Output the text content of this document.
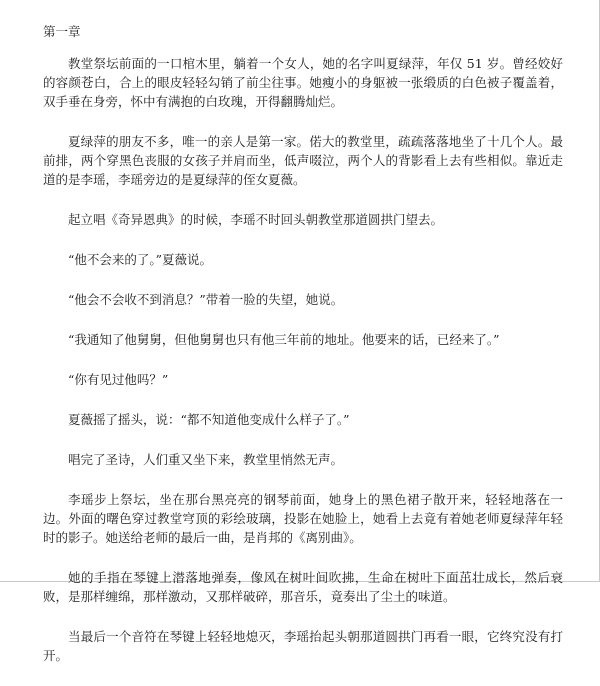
第一章

教堂祭坛前面的一口棺木里，躺着一个女人，她的名字叫夏绿萍，年仅 51 岁。曾经姣好的容颜苍白，合上的眼皮轻轻勾销了前尘往事。她瘦小的身躯被一张缎质的白色被子覆盖着，双手垂在身旁，怀中有满抱的白玫瑰，开得翻腾灿烂。

夏绿萍的朋友不多，唯一的亲人是第一家。偌大的教堂里，疏疏落落地坐了十几个人。最前排，两个穿黑色丧服的女孩子并肩而坐，低声啜泣，两个人的背影看上去有些相似。靠近走道的是李瑶，李瑶旁边的是夏绿萍的侄女夏薇。

起立唱《奇异恩典》的时候，李瑶不时回头朝教堂那道圆拱门望去。

“他不会来的了。”夏薇说。

“他会不会收不到消息？”带着一脸的失望，她说。

“我通知了他舅舅，但他舅舅也只有他三年前的地址。他要来的话，已经来了。”

“你有见过他吗？”

夏薇摇了摇头，说：“都不知道他变成什么样子了。”

唱完了圣诗，人们重又坐下来，教堂里悄然无声。

李瑶步上祭坛，坐在那台黑亮亮的钢琴前面，她身上的黑色裙子散开来，轻轻地落在一边。外面的曙色穿过教堂穹顶的彩绘玻璃，投影在她脸上，她看上去竟有着她老师夏绿萍年轻时的影子。她送给老师的最后一曲，是肖邦的《离别曲》。

她的手指在琴键上潜落地弹奏，像风在树叶间吹拂，生命在树叶下面茁壮成长，然后衰败，是那样缠绵，那样激动，又那样破碎，那音乐，竟奏出了尘土的味道。

当最后一个音符在琴键上轻轻地熄灭，李瑶抬起头朝那道圆拱门再看一眼，它终究没有打开。
